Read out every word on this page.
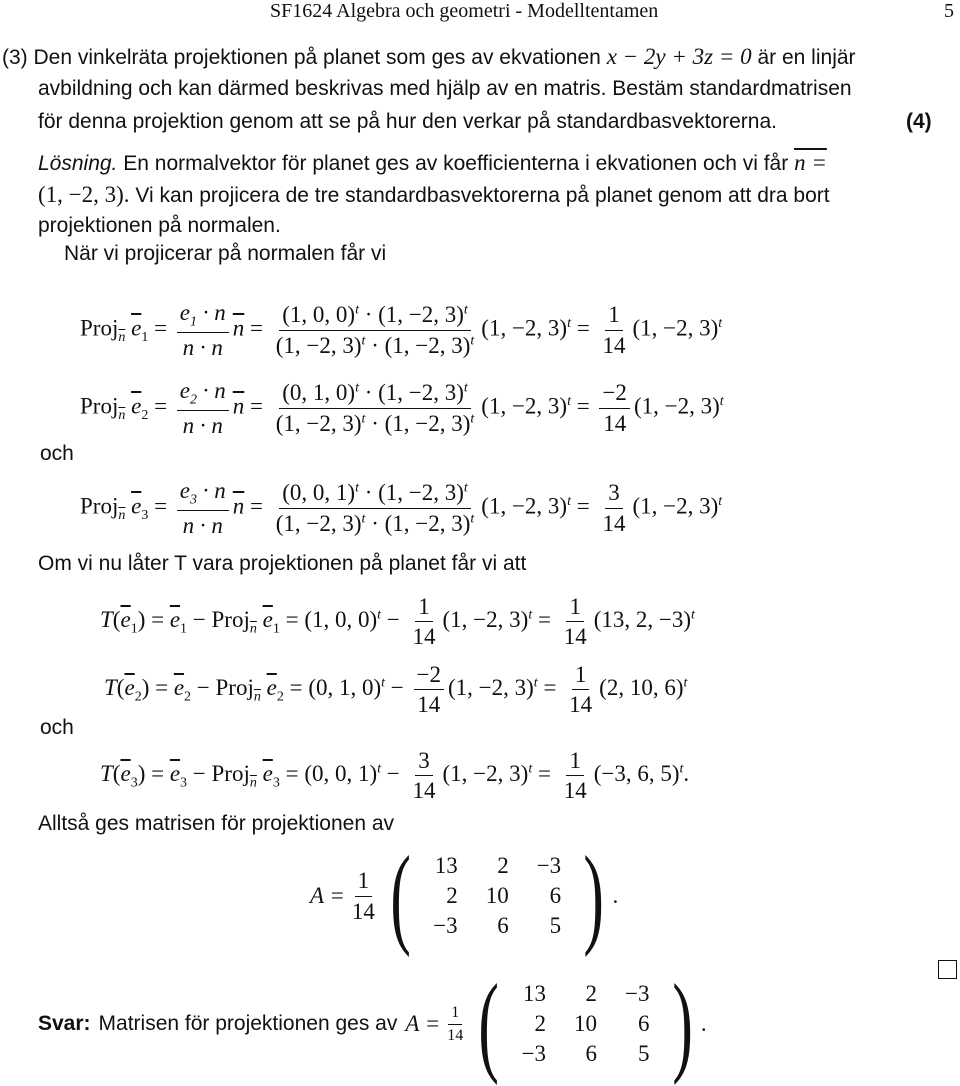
SF1624 Algebra och geometri - Modelltentamen	5
(3) Den vinkelräta projektionen på planet som ges av ekvationen x − 2y + 3z = 0 är en linjär
avbildning och kan därmed beskrivas med hjälp av en matris. Bestäm standardmatrisen
för denna projektion genom att se på hur den verkar på standardbasvektorerna.	(4)
Lösning. En normalvektor för planet ges av koefficienterna i ekvationen och vi får n =
(1, −2, 3). Vi kan projicera de tre standardbasvektorerna på planet genom att dra bort
projektionen på normalen.
När vi projicerar på normalen får vi
Proj$_{\overline{n}}$ $\overline{e}_1 = \frac{e_1 \cdot n}{n \cdot n} \overline{n} = \frac{(1, 0, 0)^t \cdot (1, -2, 3)^t}{(1, -2, 3)^t \cdot (1, -2, 3)^t} (1$, −2, $3)^t = \frac{1}{14} (1$, −2, 3)$^t$
Proj$_{\overline{n}}$ $\overline{e}_2 = \frac{e_2 \cdot n}{n \cdot n} \overline{n} = \frac{(0, 1, 0)^t \cdot (1, -2, 3)^t}{(1, -2, 3)^t \cdot (1, -2, 3)^t} (1$, −2, $3)^t = \frac{-2}{14} (1$, −2, 3)$^t$
och
Proj$_{\overline{n}}$ $\overline{e}_3 = \frac{e_3 \cdot n}{n \cdot n} \overline{n} = \frac{(0, 0, 1)^t \cdot (1, -2, 3)^t}{(1, -2, 3)^t \cdot (1, -2, 3)^t} (1$, −2, $3)^t = \frac{3}{14} (1$, −2, 3)$^t$
Om vi nu låter T vara projektionen på planet får vi att
$T(\overline{e}_1) = \overline{e}_1$ − Proj$_{\overline{n}}$ $\overline{e}_1 = (1$, 0, $0)^t - \frac{1}{14} (1$, −2, $3)^t = \frac{1}{14} (13$, 2, −3)$^t$
$T(\overline{e}_2) = \overline{e}_2$ − Proj$_{\overline{n}}$ $\overline{e}_2 = (0$, 1, $0)^t - \frac{-2}{14} (1$, −2, $3)^t = \frac{1}{14} (2$, 10, 6)$^t$
och
$T(\overline{e}_3) = \overline{e}_3$ − Proj$_{\overline{n}}$ $\overline{e}_3 = (0$, 0, $1)^t - \frac{3}{14} (1$, −2, $3)^t = \frac{1}{14} (-3$, 6, 5)$^t$.
Alltså ges matrisen för projektionen av
$A = \frac{1}{14}$ ( 13	2	−3
2	10	6
−3	6	5 ) .
Svar: Matrisen för projektionen ges av $A = \frac{1}{14}$ ( 13	2	−3
2	10	6
−3	6	5 ) .
